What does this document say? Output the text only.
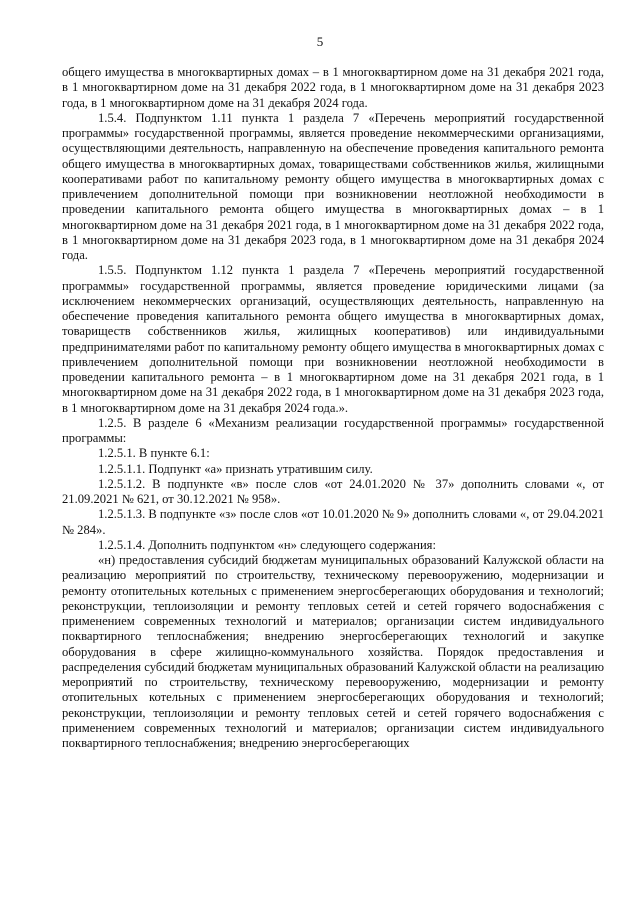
5

общего имущества в многоквартирных домах – в 1 многоквартирном доме на 31 декабря 2021 года, в 1 многоквартирном доме на 31 декабря 2022 года, в 1 многоквартирном доме на 31 декабря 2023 года, в 1 многоквартирном доме на 31 декабря 2024 года.

1.5.4. Подпунктом 1.11 пункта 1 раздела 7 «Перечень мероприятий государственной программы» государственной программы, является проведение некоммерческими организациями, осуществляющими деятельность, направленную на обеспечение проведения капитального ремонта общего имущества в многоквартирных домах, товариществами собственников жилья, жилищными кооперативами работ по капитальному ремонту общего имущества в многоквартирных домах с привлечением дополнительной помощи при возникновении неотложной необходимости в проведении капитального ремонта общего имущества в многоквартирных домах – в 1 многоквартирном доме на 31 декабря 2021 года, в 1 многоквартирном доме на 31 декабря 2022 года, в 1 многоквартирном доме на 31 декабря 2023 года, в 1 многоквартирном доме на 31 декабря 2024 года.

1.5.5. Подпунктом 1.12 пункта 1 раздела 7 «Перечень мероприятий государственной программы» государственной программы, является проведение юридическими лицами (за исключением некоммерческих организаций, осуществляющих деятельность, направленную на обеспечение проведения капитального ремонта общего имущества в многоквартирных домах, товариществ собственников жилья, жилищных кооперативов) или индивидуальными предпринимателями работ по капитальному ремонту общего имущества в многоквартирных домах с привлечением дополнительной помощи при возникновении неотложной необходимости в проведении капитального ремонта – в 1 многоквартирном доме на 31 декабря 2021 года, в 1 многоквартирном доме на 31 декабря 2022 года, в 1 многоквартирном доме на 31 декабря 2023 года, в 1 многоквартирном доме на 31 декабря 2024 года.».

1.2.5. В разделе 6 «Механизм реализации государственной программы» государственной программы:

1.2.5.1. В пункте 6.1:

1.2.5.1.1. Подпункт «а» признать утратившим силу.

1.2.5.1.2. В подпункте «в» после слов «от 24.01.2020 № 37» дополнить словами «, от 21.09.2021 № 621, от 30.12.2021 № 958».

1.2.5.1.3. В подпункте «з» после слов «от 10.01.2020 № 9» дополнить словами «, от 29.04.2021 № 284».

1.2.5.1.4. Дополнить подпунктом «н» следующего содержания:

«н) предоставления субсидий бюджетам муниципальных образований Калужской области на реализацию мероприятий по строительству, техническому перевооружению, модернизации и ремонту отопительных котельных с применением энергосберегающих оборудования и технологий; реконструкции, теплоизоляции и ремонту тепловых сетей и сетей горячего водоснабжения с применением современных технологий и материалов; организации систем индивидуального поквартирного теплоснабжения; внедрению энергосберегающих технологий и закупке оборудования в сфере жилищно-коммунального хозяйства. Порядок предоставления и распределения субсидий бюджетам муниципальных образований Калужской области на реализацию мероприятий по строительству, техническому перевооружению, модернизации и ремонту отопительных котельных с применением энергосберегающих оборудования и технологий; реконструкции, теплоизоляции и ремонту тепловых сетей и сетей горячего водоснабжения с применением современных технологий и материалов; организации систем индивидуального поквартирного теплоснабжения; внедрению энергосберегающих
